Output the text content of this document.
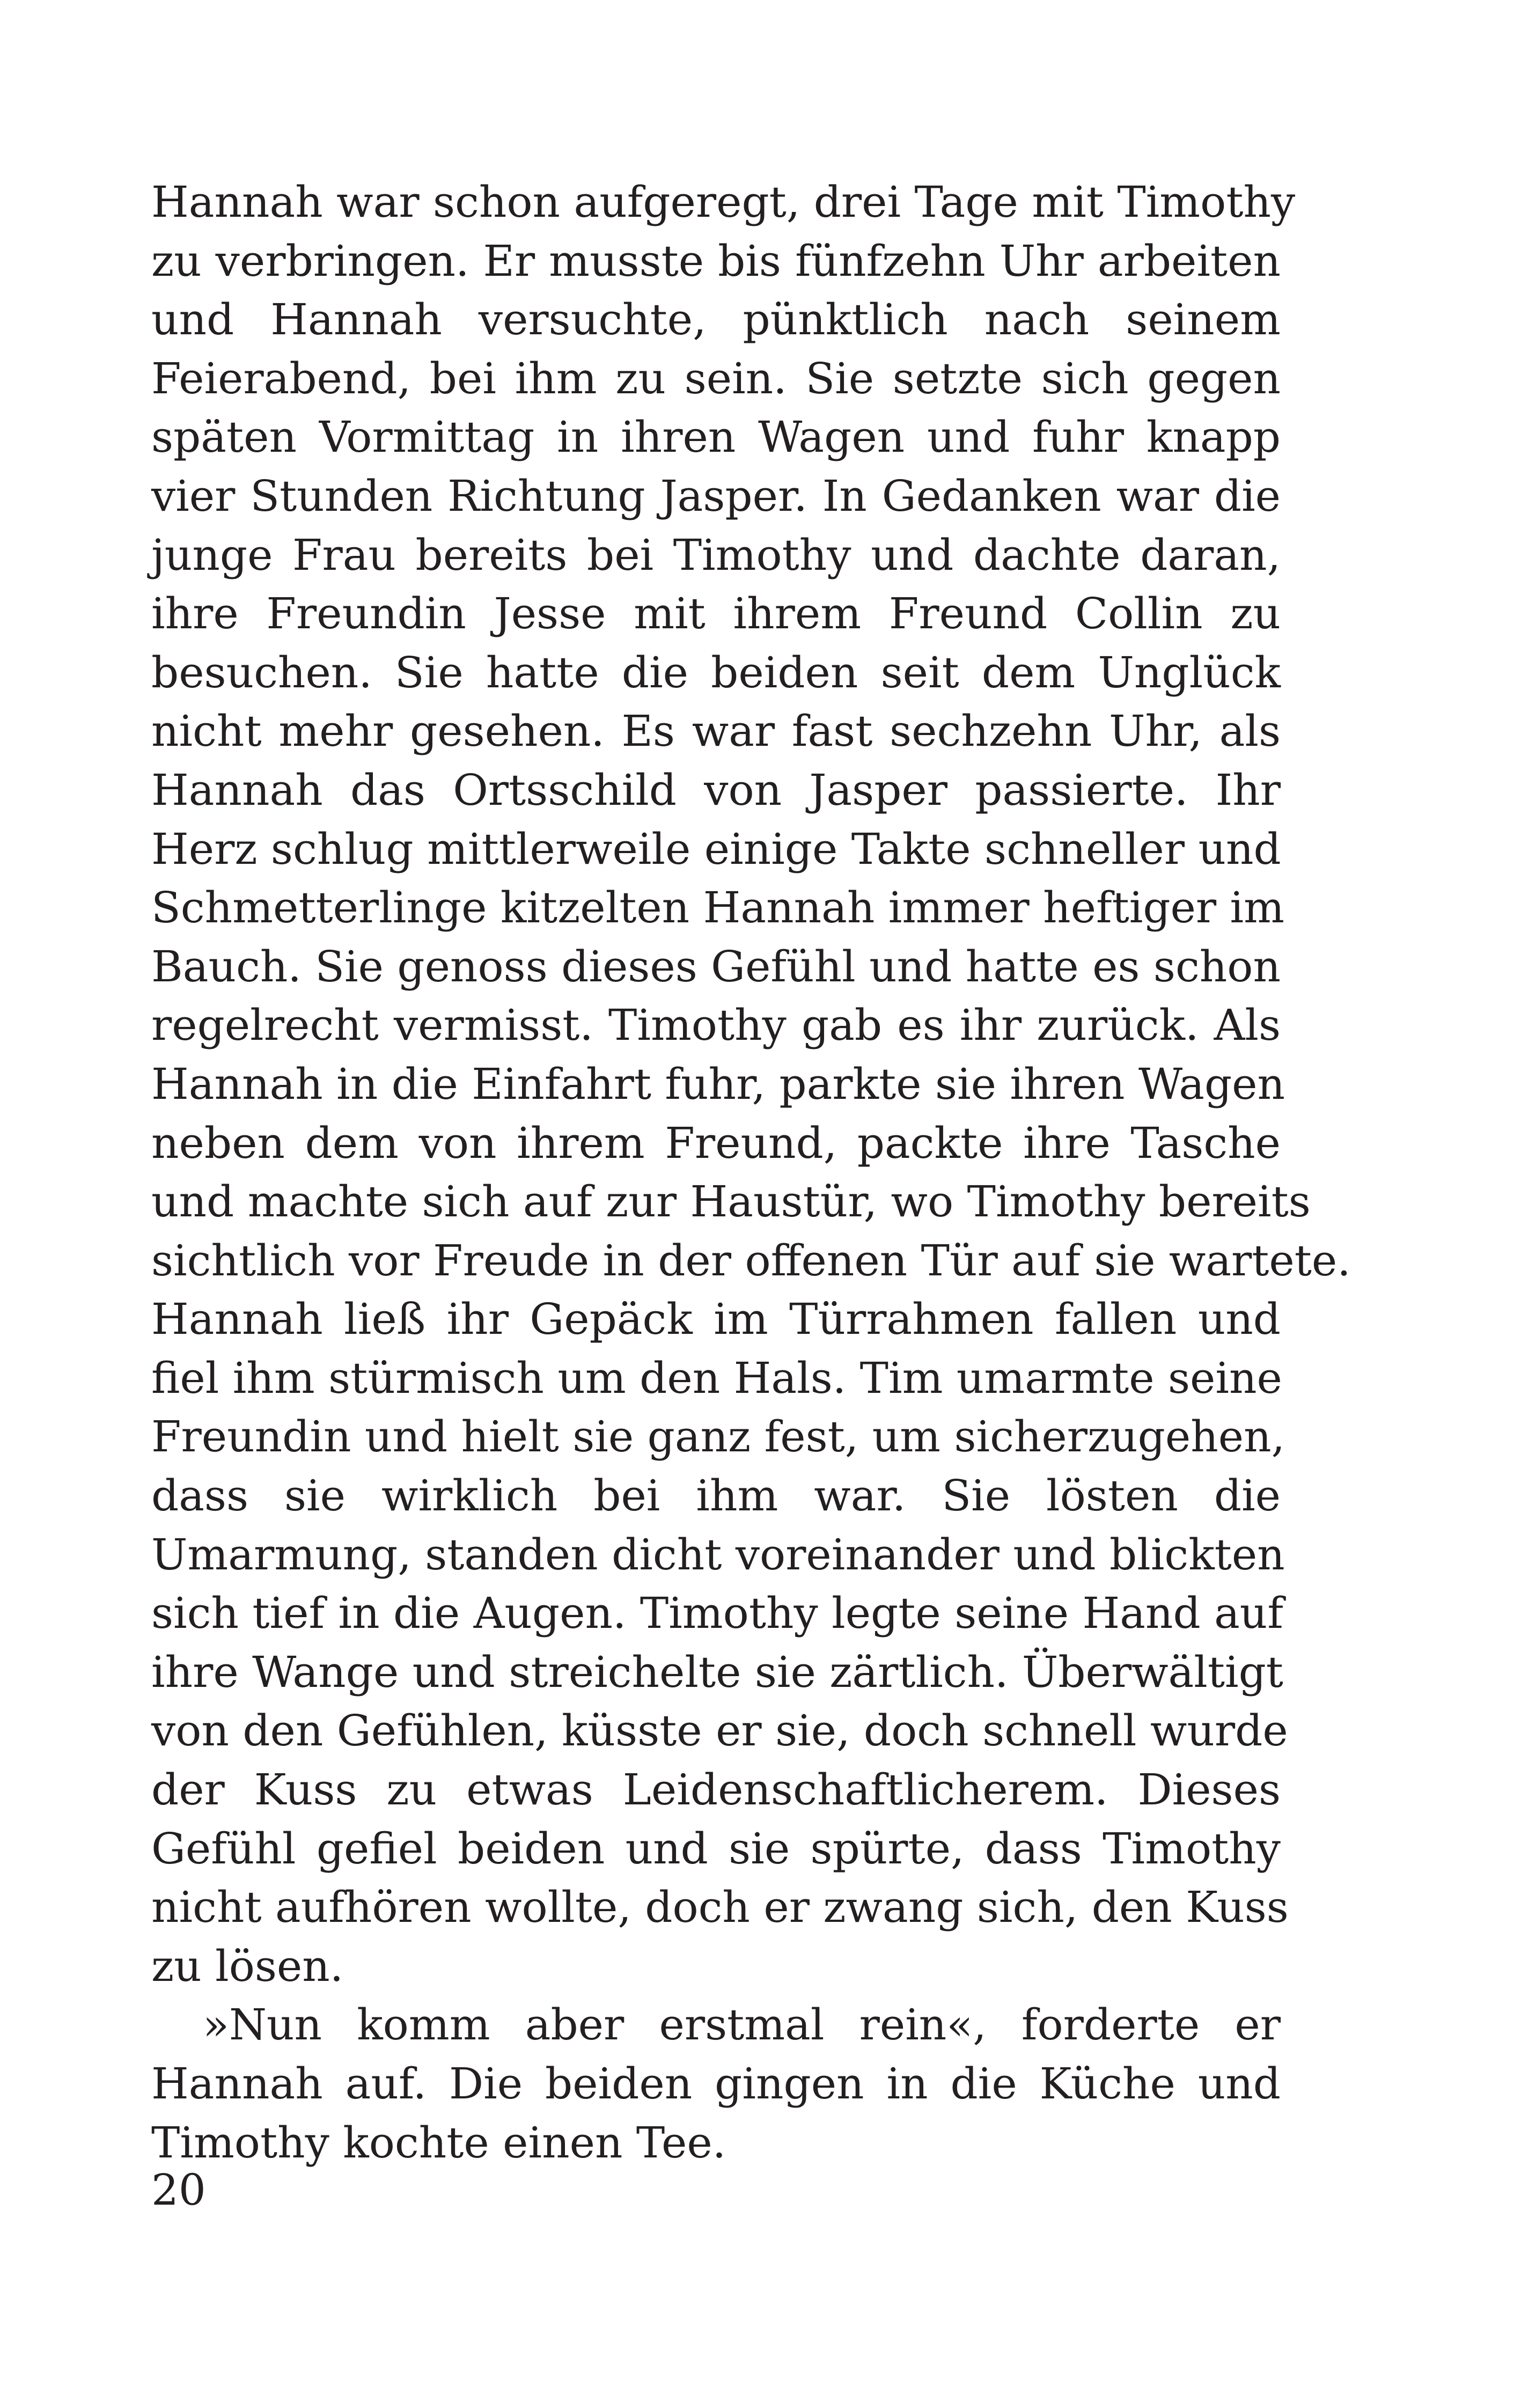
Hannah war schon aufgeregt, drei Tage mit Timothy
zu verbringen. Er musste bis fünfzehn Uhr arbeiten
und Hannah versuchte, pünktlich nach seinem
Feierabend, bei ihm zu sein. Sie setzte sich gegen
späten Vormittag in ihren Wagen und fuhr knapp
vier Stunden Richtung Jasper. In Gedanken war die
junge Frau bereits bei Timothy und dachte daran,
ihre Freundin Jesse mit ihrem Freund Collin zu
besuchen. Sie hatte die beiden seit dem Unglück
nicht mehr gesehen. Es war fast sechzehn Uhr, als
Hannah das Ortsschild von Jasper passierte. Ihr
Herz schlug mittlerweile einige Takte schneller und
Schmetterlinge kitzelten Hannah immer heftiger im
Bauch. Sie genoss dieses Gefühl und hatte es schon
regelrecht vermisst. Timothy gab es ihr zurück. Als
Hannah in die Einfahrt fuhr, parkte sie ihren Wagen
neben dem von ihrem Freund, packte ihre Tasche
und machte sich auf zur Haustür, wo Timothy bereits
sichtlich vor Freude in der offenen Tür auf sie wartete.
Hannah ließ ihr Gepäck im Türrahmen fallen und
fiel ihm stürmisch um den Hals. Tim umarmte seine
Freundin und hielt sie ganz fest, um sicherzugehen,
dass sie wirklich bei ihm war. Sie lösten die
Umarmung, standen dicht voreinander und blickten
sich tief in die Augen. Timothy legte seine Hand auf
ihre Wange und streichelte sie zärtlich. Überwältigt
von den Gefühlen, küsste er sie, doch schnell wurde
der Kuss zu etwas Leidenschaftlicherem. Dieses
Gefühl gefiel beiden und sie spürte, dass Timothy
nicht aufhören wollte, doch er zwang sich, den Kuss
zu lösen.
»Nun komm aber erstmal rein«, forderte er
Hannah auf. Die beiden gingen in die Küche und
Timothy kochte einen Tee.
20
